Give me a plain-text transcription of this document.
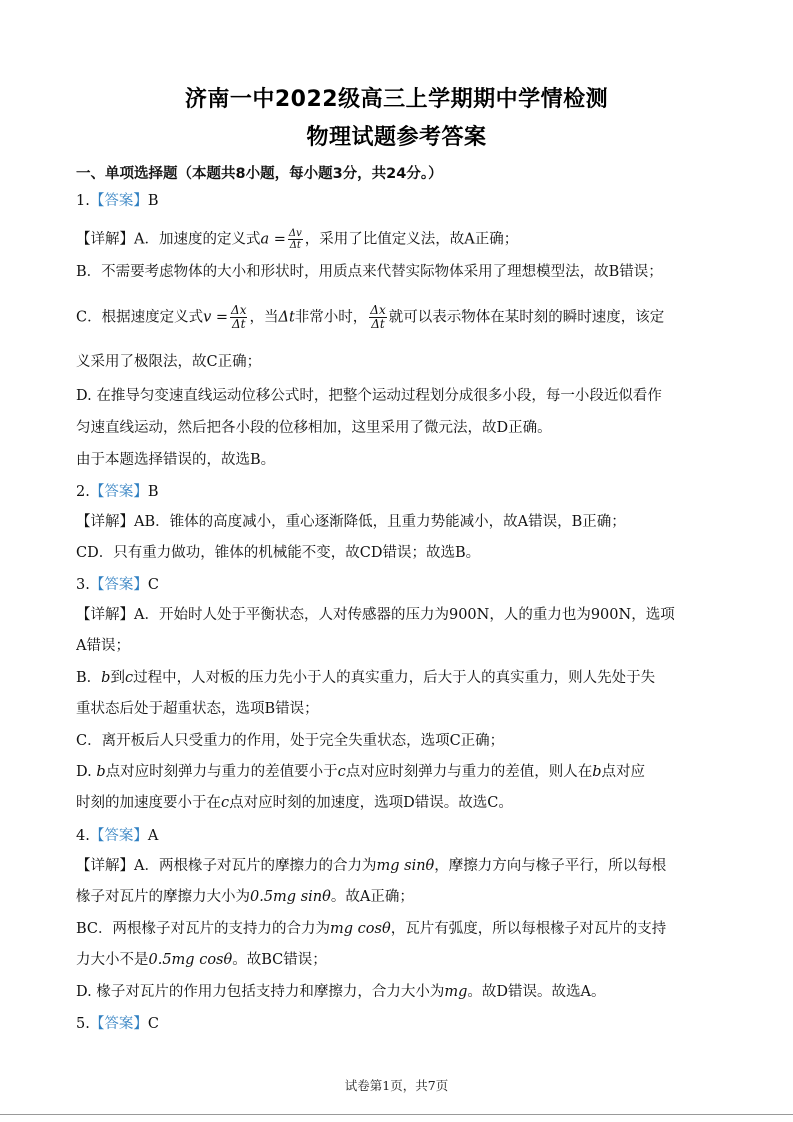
济南一中2022级高三上学期期中学情检测
物理试题参考答案
一、单项选择题（本题共8小题，每小题3分，共24分。）
1.【答案】B
【详解】A．加速度的定义式$a = \frac{\Delta v}{\Delta t}$ ，采用了比值定义法，故A正确；
B．不需要考虑物体的大小和形状时，用质点来代替实际物体采用了理想模型法，故B错误；
C．根据速度定义式$v = \frac{\Delta x}{\Delta t}$ ，当Δt非常小时， $\frac{\Delta x}{\Delta t}$ 就可以表示物体在某时刻的瞬时速度，该定
义采用了极限法，故C正确；
D. 在推导匀变速直线运动位移公式时，把整个运动过程划分成很多小段，每一小段近似看作
匀速直线运动，然后把各小段的位移相加，这里采用了微元法，故D正确。
由于本题选择错误的，故选B。
2.【答案】B
【详解】AB．锥体的高度减小，重心逐渐降低，且重力势能减小，故A错误，B正确；
CD．只有重力做功，锥体的机械能不变，故CD错误；故选B。
3.【答案】C
【详解】A．开始时人处于平衡状态，人对传感器的压力为900N，人的重力也为900N，选项
A错误；
B．b到c过程中，人对板的压力先小于人的真实重力，后大于人的真实重力，则人先处于失
重状态后处于超重状态，选项B错误；
C．离开板后人只受重力的作用，处于完全失重状态，选项C正确；
D. b点对应时刻弹力与重力的差值要小于c点对应时刻弹力与重力的差值，则人在b点对应
时刻的加速度要小于在c点对应时刻的加速度，选项D错误。故选C。
4.【答案】A
【详解】A．两根椽子对瓦片的摩擦力的合力为mg sinθ，摩擦力方向与椽子平行，所以每根
椽子对瓦片的摩擦力大小为0.5mg sinθ。故A正确；
BC．两根椽子对瓦片的支持力的合力为mg cosθ，瓦片有弧度，所以每根椽子对瓦片的支持
力大小不是0.5mg cosθ。故BC错误；
D. 椽子对瓦片的作用力包括支持力和摩擦力，合力大小为mg。故D错误。故选A。
5.【答案】C
试卷第1页，共7页
